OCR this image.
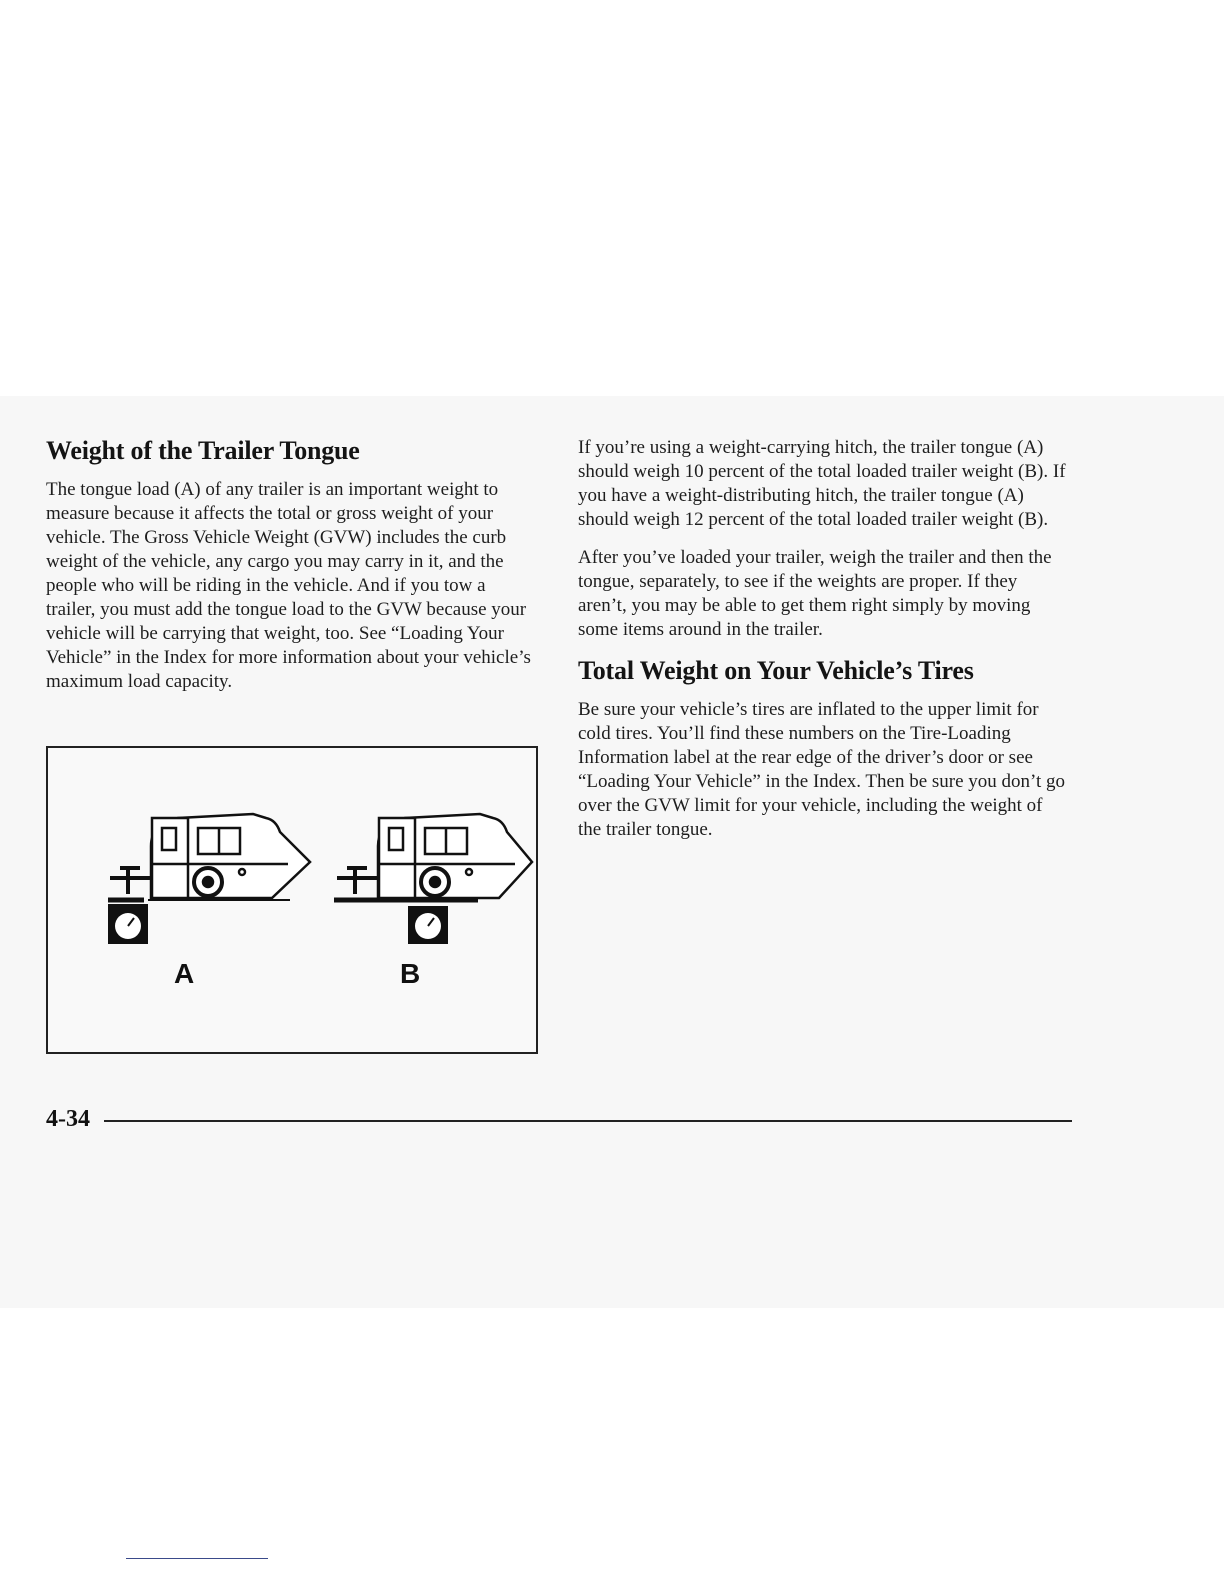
Weight of the Trailer Tongue

The tongue load (A) of any trailer is an important weight to measure because it affects the total or gross weight of your vehicle. The Gross Vehicle Weight (GVW) includes the curb weight of the vehicle, any cargo you may carry in it, and the people who will be riding in the vehicle. And if you tow a trailer, you must add the tongue load to the GVW because your vehicle will be carrying that weight, too. See “Loading Your Vehicle” in the Index for more information about your vehicle’s maximum load capacity.

A	B

If you’re using a weight-carrying hitch, the trailer tongue (A) should weigh 10 percent of the total loaded trailer weight (B). If you have a weight-distributing hitch, the trailer tongue (A) should weigh 12 percent of the total loaded trailer weight (B).

After you’ve loaded your trailer, weigh the trailer and then the tongue, separately, to see if the weights are proper. If they aren’t, you may be able to get them right simply by moving some items around in the trailer.

Total Weight on Your Vehicle’s Tires

Be sure your vehicle’s tires are inflated to the upper limit for cold tires. You’ll find these numbers on the Tire-Loading Information label at the rear edge of the driver’s door or see “Loading Your Vehicle” in the Index. Then be sure you don’t go over the GVW limit for your vehicle, including the weight of the trailer tongue.

4-34
